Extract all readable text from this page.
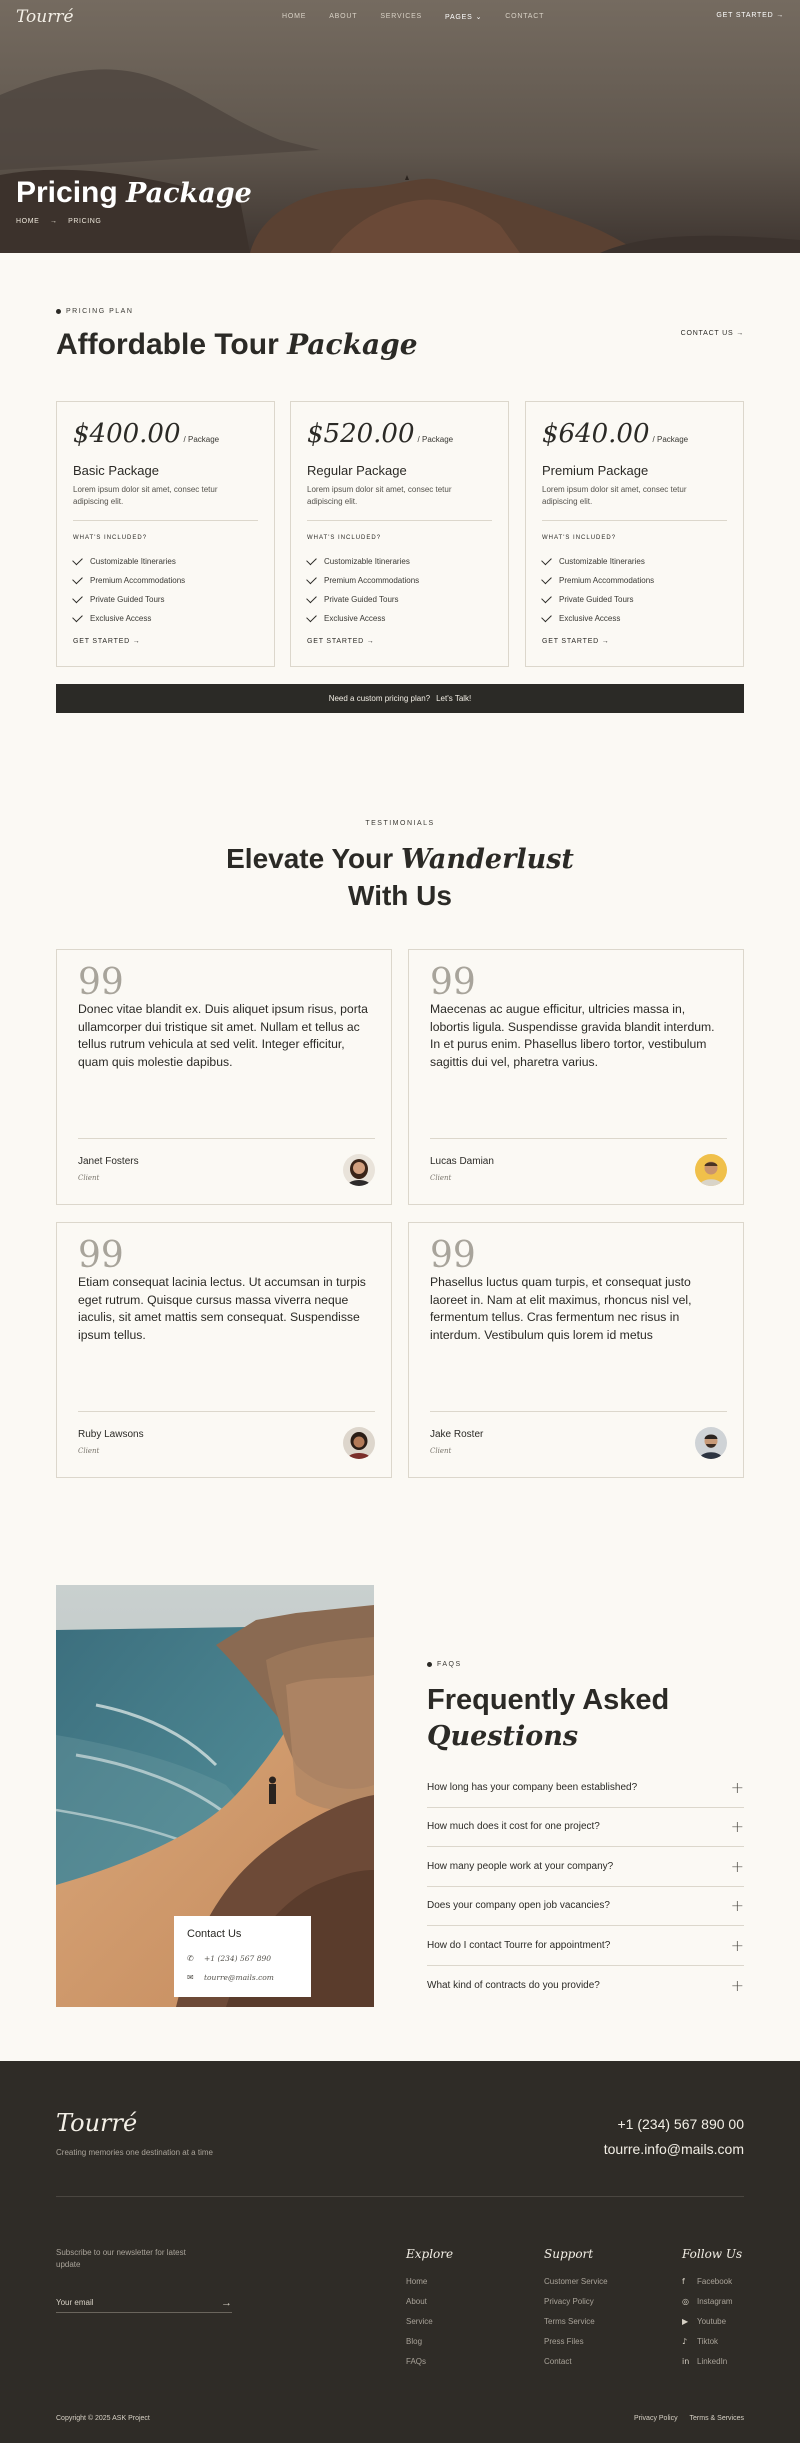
Tourré	HOME	ABOUT	SERVICES	PAGES ⌄	CONTACT	GET STARTED →
Pricing Package
HOME → PRICING
PRICING PLAN
Affordable Tour Package	CONTACT US →
$400.00 / Package
Basic Package
Lorem ipsum dolor sit amet, consec tetur adipiscing elit.
WHAT'S INCLUDED?
Customizable Itineraries
Premium Accommodations
Private Guided Tours
Exclusive Access
GET STARTED →
$520.00 / Package
Regular Package
Lorem ipsum dolor sit amet, consec tetur adipiscing elit.
WHAT'S INCLUDED?
Customizable Itineraries
Premium Accommodations
Private Guided Tours
Exclusive Access
GET STARTED →
$640.00 / Package
Premium Package
Lorem ipsum dolor sit amet, consec tetur adipiscing elit.
WHAT'S INCLUDED?
Customizable Itineraries
Premium Accommodations
Private Guided Tours
Exclusive Access
GET STARTED →
Need a custom pricing plan? Let's Talk!
TESTIMONIALS
Elevate Your Wanderlust
With Us
99
Donec vitae blandit ex. Duis aliquet ipsum risus, porta ullamcorper dui tristique sit amet. Nullam et tellus ac tellus rutrum vehicula at sed velit. Integer efficitur, quam quis molestie dapibus.
Janet Fosters
Client
99
Maecenas ac augue efficitur, ultricies massa in, lobortis ligula. Suspendisse gravida blandit interdum. In et purus enim. Phasellus libero tortor, vestibulum sagittis dui vel, pharetra varius.
Lucas Damian
Client
99
Etiam consequat lacinia lectus. Ut accumsan in turpis eget rutrum. Quisque cursus massa viverra neque iaculis, sit amet mattis sem consequat. Suspendisse ipsum tellus.
Ruby Lawsons
Client
99
Phasellus luctus quam turpis, et consequat justo laoreet in. Nam at elit maximus, rhoncus nisl vel, fermentum tellus. Cras fermentum nec risus in interdum. Vestibulum quis lorem id metus
Jake Roster
Client
Contact Us
✆	+1 (234) 567 890
✉	tourre@mails.com
FAQS
Frequently Asked
Questions
How long has your company been established?	+
How much does it cost for one project?	+
How many people work at your company?	+
Does your company open job vacancies?	+
How do I contact Tourre for appointment?	+
What kind of contracts do you provide?	+
Tourré
Creating memories one destination at a time
+1 (234) 567 890 00
tourre.info@mails.com
Subscribe to our newsletter for latest update
Your email	→
Explore
Home
About
Service
Blog
FAQs
Support
Customer Service
Privacy Policy
Terms Service
Press Files
Contact
Follow Us
f	Facebook
◎	Instagram
▶	Youtube
♪	Tiktok
in LinkedIn
Copyright © 2025 ASK Project	Privacy Policy Terms & Services
